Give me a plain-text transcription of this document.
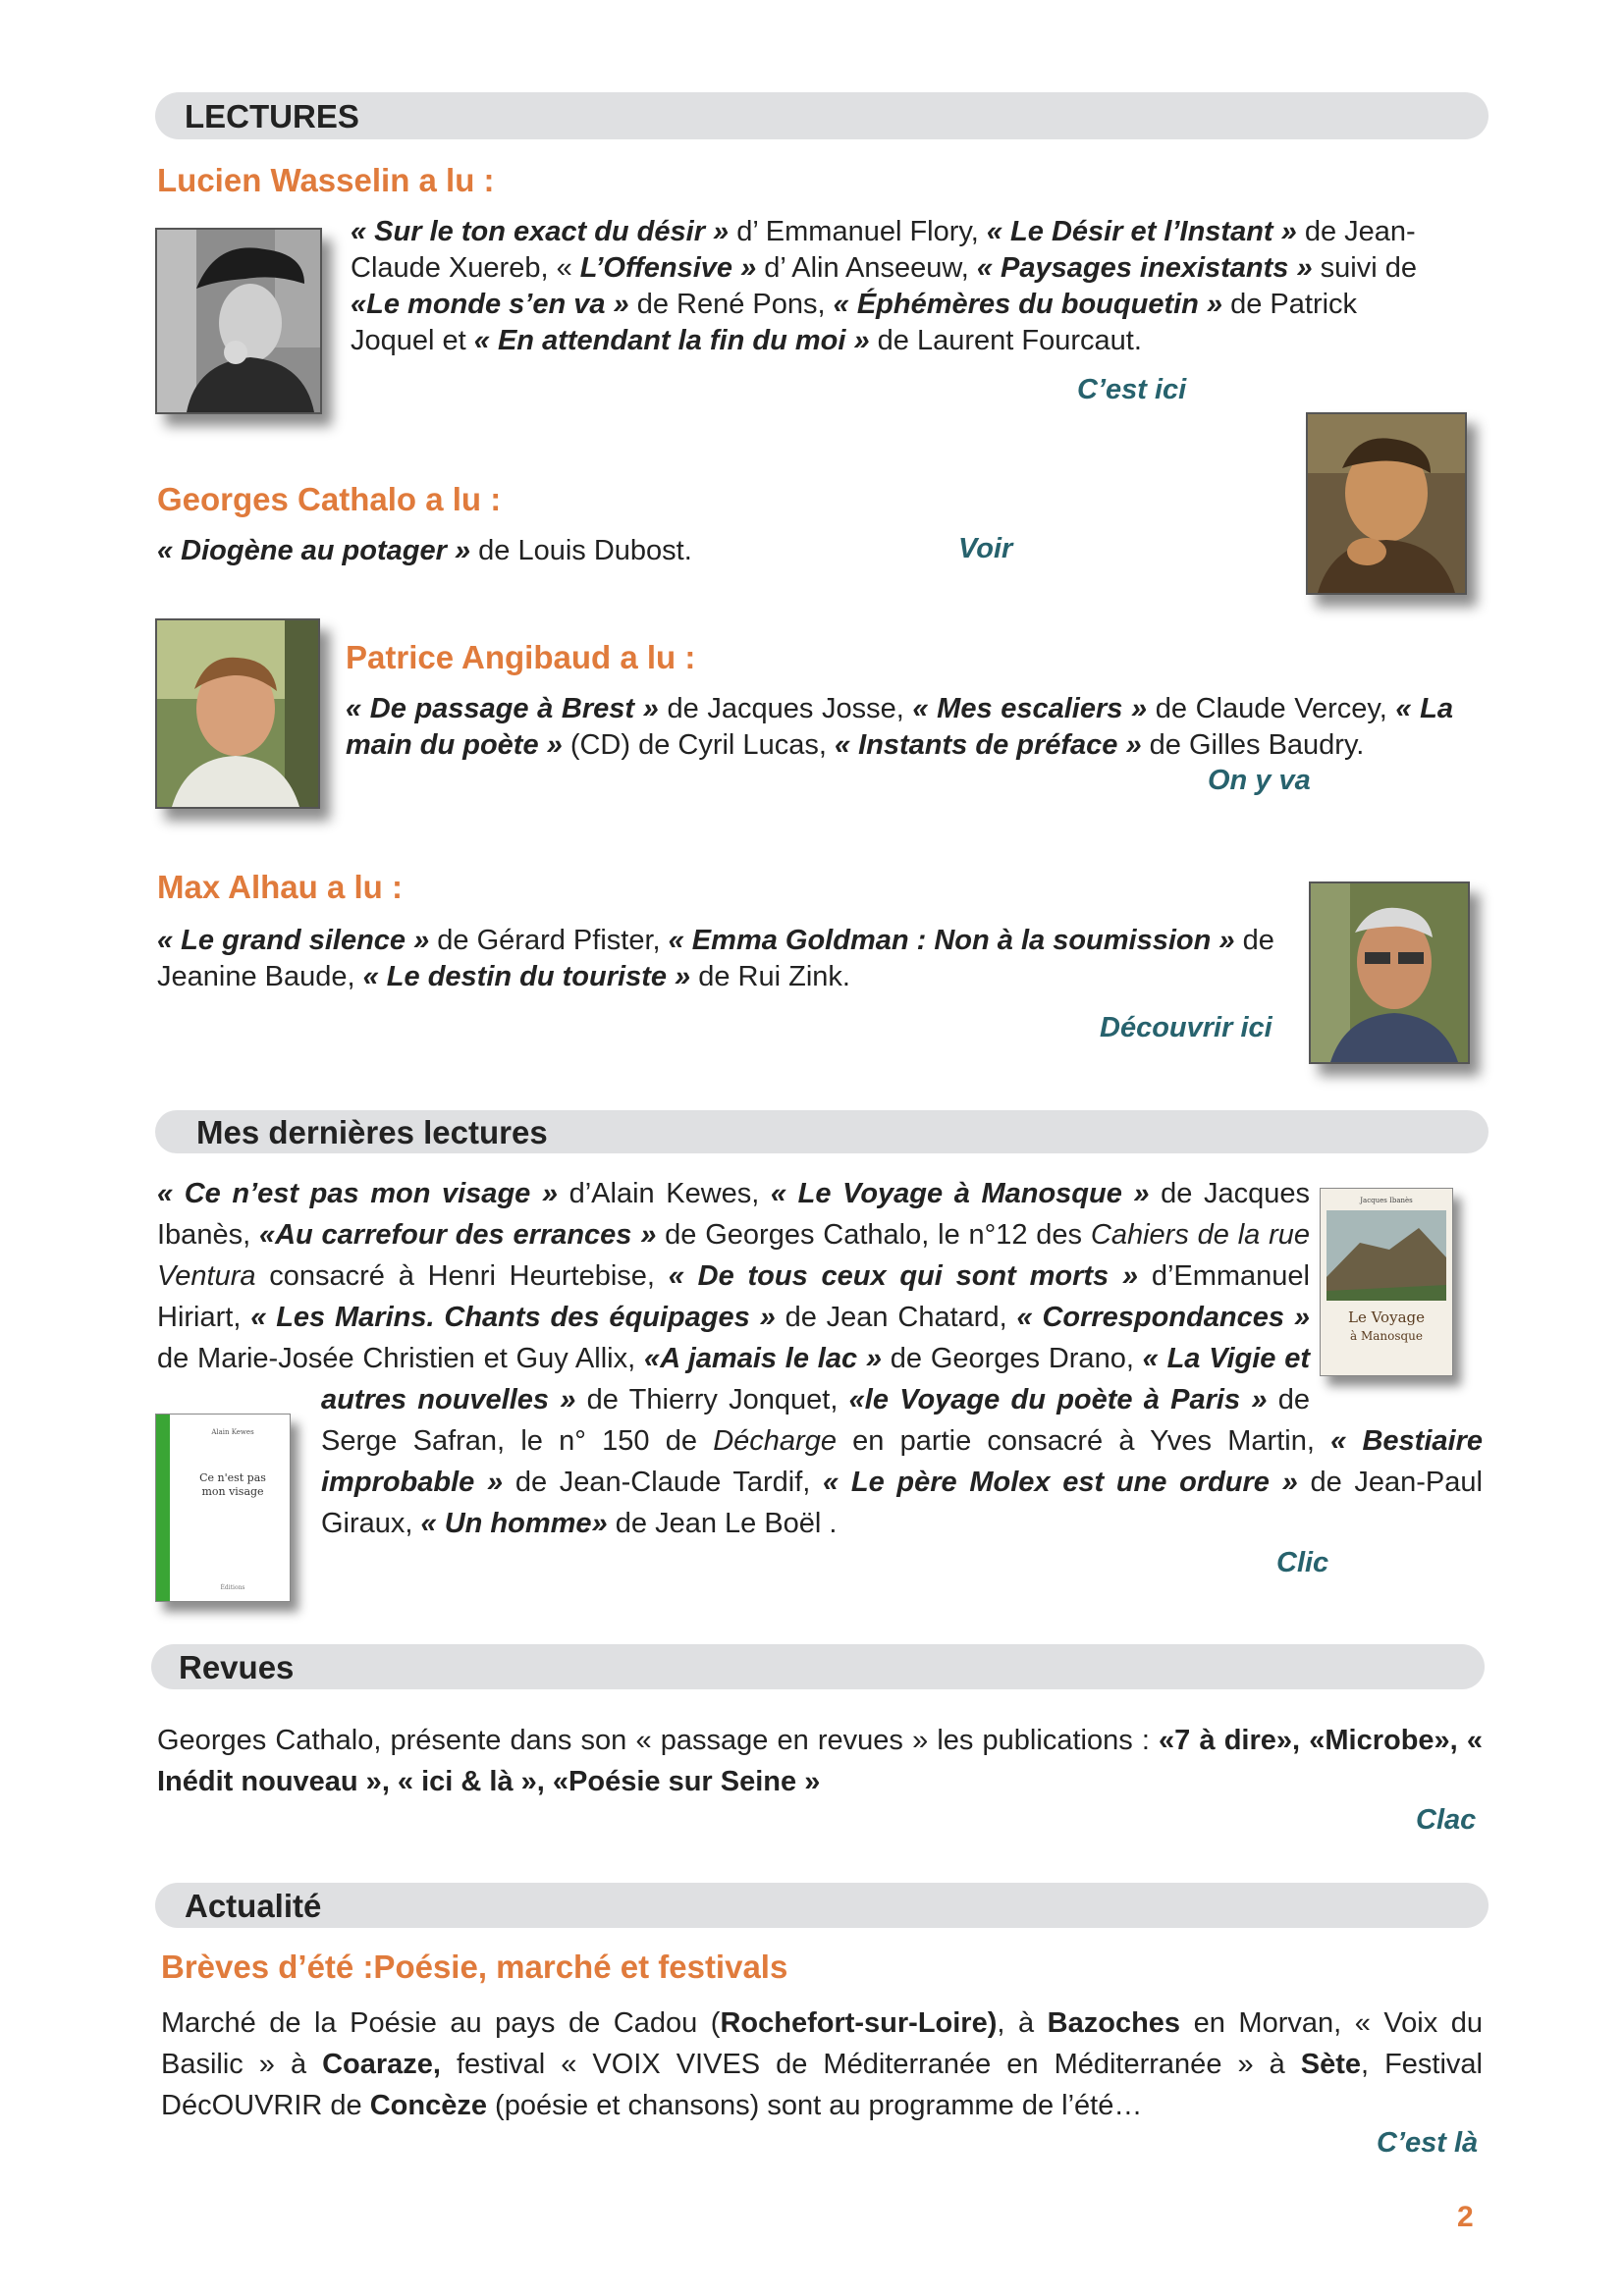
LECTURES
Lucien Wasselin a lu :

« Sur le ton exact du désir » d’ Emmanuel Flory, « Le Désir et l’Instant » de Jean-Claude Xuereb, « L’Offensive » d’ Alin Anseeuw, « Paysages inexistants » suivi de «Le monde s’en va » de René Pons, « Éphémères du bouquetin » de Patrick Joquel et « En attendant la fin du moi » de Laurent Fourcaut.

C’est ici
Georges Cathalo a lu :

« Diogène au potager » de Louis Dubost.	Voir
Patrice Angibaud a lu :

« De passage à Brest » de Jacques Josse, « Mes escaliers » de Claude Vercey, « La main du poète » (CD) de Cyril Lucas, « Instants de préface » de Gilles Baudry.

On y va
Max Alhau a lu :

« Le grand silence » de Gérard Pfister, « Emma Goldman : Non à la soumission » de Jeanine Baude, « Le destin du touriste » de Rui Zink.

Découvrir ici
Mes dernières lectures
Jacques Ibanès
Le Voyage
à Manosque
Alain Kewes
Ce n'est pas
mon visage
Éditions
« Ce n’est pas mon visage » d’Alain Kewes, « Le Voyage à Manosque » de Jacques Ibanès, «Au carrefour des errances » de Georges Cathalo, le n°12 des Cahiers de la rue Ventura consacré à Henri Heurtebise, « De tous ceux qui sont morts » d’Emmanuel Hiriart, « Les Marins. Chants des équipages » de Jean Chatard, « Correspondances » de Marie-Josée Christien et Guy Allix, «A jamais le lac » de Georges Drano, « La Vigie et autres nouvelles » de Thierry Jonquet, «le Voyage du poète à Paris » de Serge Safran, le n° 150 de Décharge en partie consacré à Yves Martin, « Bestiaire improbable » de Jean-Claude Tardif, « Le père Molex est une ordure » de Jean-Paul Giraux, « Un homme» de Jean Le Boël .
Clic
Revues

Georges Cathalo, présente dans son « passage en revues » les publications : «7 à dire», «Microbe», « Inédit nouveau », « ici & là », «Poésie sur Seine »

Clac
Actualité
Brèves d’été :Poésie, marché et festivals

Marché de la Poésie au pays de Cadou (Rochefort-sur-Loire), à Bazoches en Morvan, « Voix du Basilic » à Coaraze, festival « VOIX VIVES de Méditerranée en Méditerranée » à Sète, Festival DécOUVRIR de Concèze (poésie et chansons) sont au programme de l’été…

C’est là
2
